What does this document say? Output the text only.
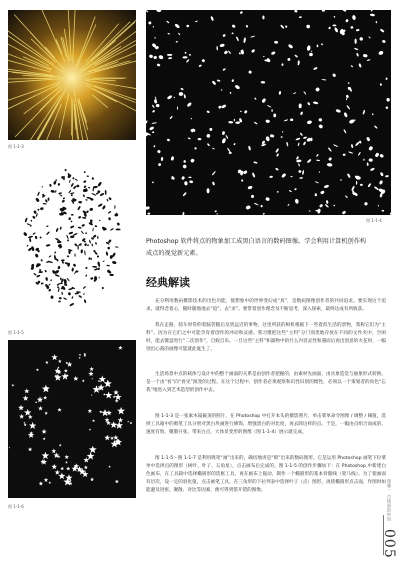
图 1-1-3
图 1-1-4
图 1-1-5
图 1-1-6

Photoshop 软件将点的物象加工成黑白语言的数码图像。学会利用计算机创作构

成点的视觉新元素。

经典解读

充分利用数码摄影技术的出色功能，使想象中的世界变幻成“真”，是数码图像创作者的共同追求。要实现这个追求，就得念着心，随时随地地去“追”、去“求”。要带着创作理念及不断思考，深入探索，最终达成有所收获。

我在走路、骑车时常仰着脑袋随后及到远近的事物，这里所获的相机根据下一些着似生活的景物，我称它们为“主料”。因为在它们之中可能孕育着创作的冲动和灵感。我习惯把这些“主料”分门别类地存放在不同的文件夹中，空闲时，能去键盘进行“二次创作”，自娱自乐。一旦这些“主料”和器物中的什么内容灵性和遇而后再出创意的火花时，一幅别出心裁的画像可能就此诞生了。

生活场景中点的载体与设计中的整个画面的关系是由创作者把握的，由素材先画面，由具象造觉与抽象形式转换，是一个由“看”向“看见”演变的过程。在这个过程中，创作者必须观察和识性识别的惯性，必须以一个策划者的角色“忘我”地进入到艺术造型的创作中去。

图 1-1-3 是一张素木镜截顶的照片，在 Photoshop 中打开本头的摄影照片，单击菜单命令图像 / 调整 / 阈值，选择工具箱中的吸笔工具分别对黑白块画进行修饰，增强黑白的对比度，再去除这样的点。于是，一幅由点组合而成的、速度有致、聚散开张，带来白点，大体显变形的图像（图 1-1-4）展示就完成。

图 1-1-5～图 1-1-7 是利用吸笔“画”出来的，确切地讲是“喷”出来的数码图形。它是运用 Photoshop 画笔下拉菜单中选择点的图形（树叶、叶子、五角星），点击画布后完成的。图 1-1-5 的创作步骤如下：在 Photoshop 中新建白色画布，在工具箱中选择椭圆形的选框工具，再在画布上拖动，制作一个椭圆形的基本骨骼线（架马线）。为了使画面有层次，设一定的羽化值，点击画笔工具，在三角形的下拉列表中选择叶子（点）图形，再绕椭圆形点击面，作图时如能避及进密、聚散、对比等因素，便可得到错开错的图像。	课题一 点线面的妙用
005
